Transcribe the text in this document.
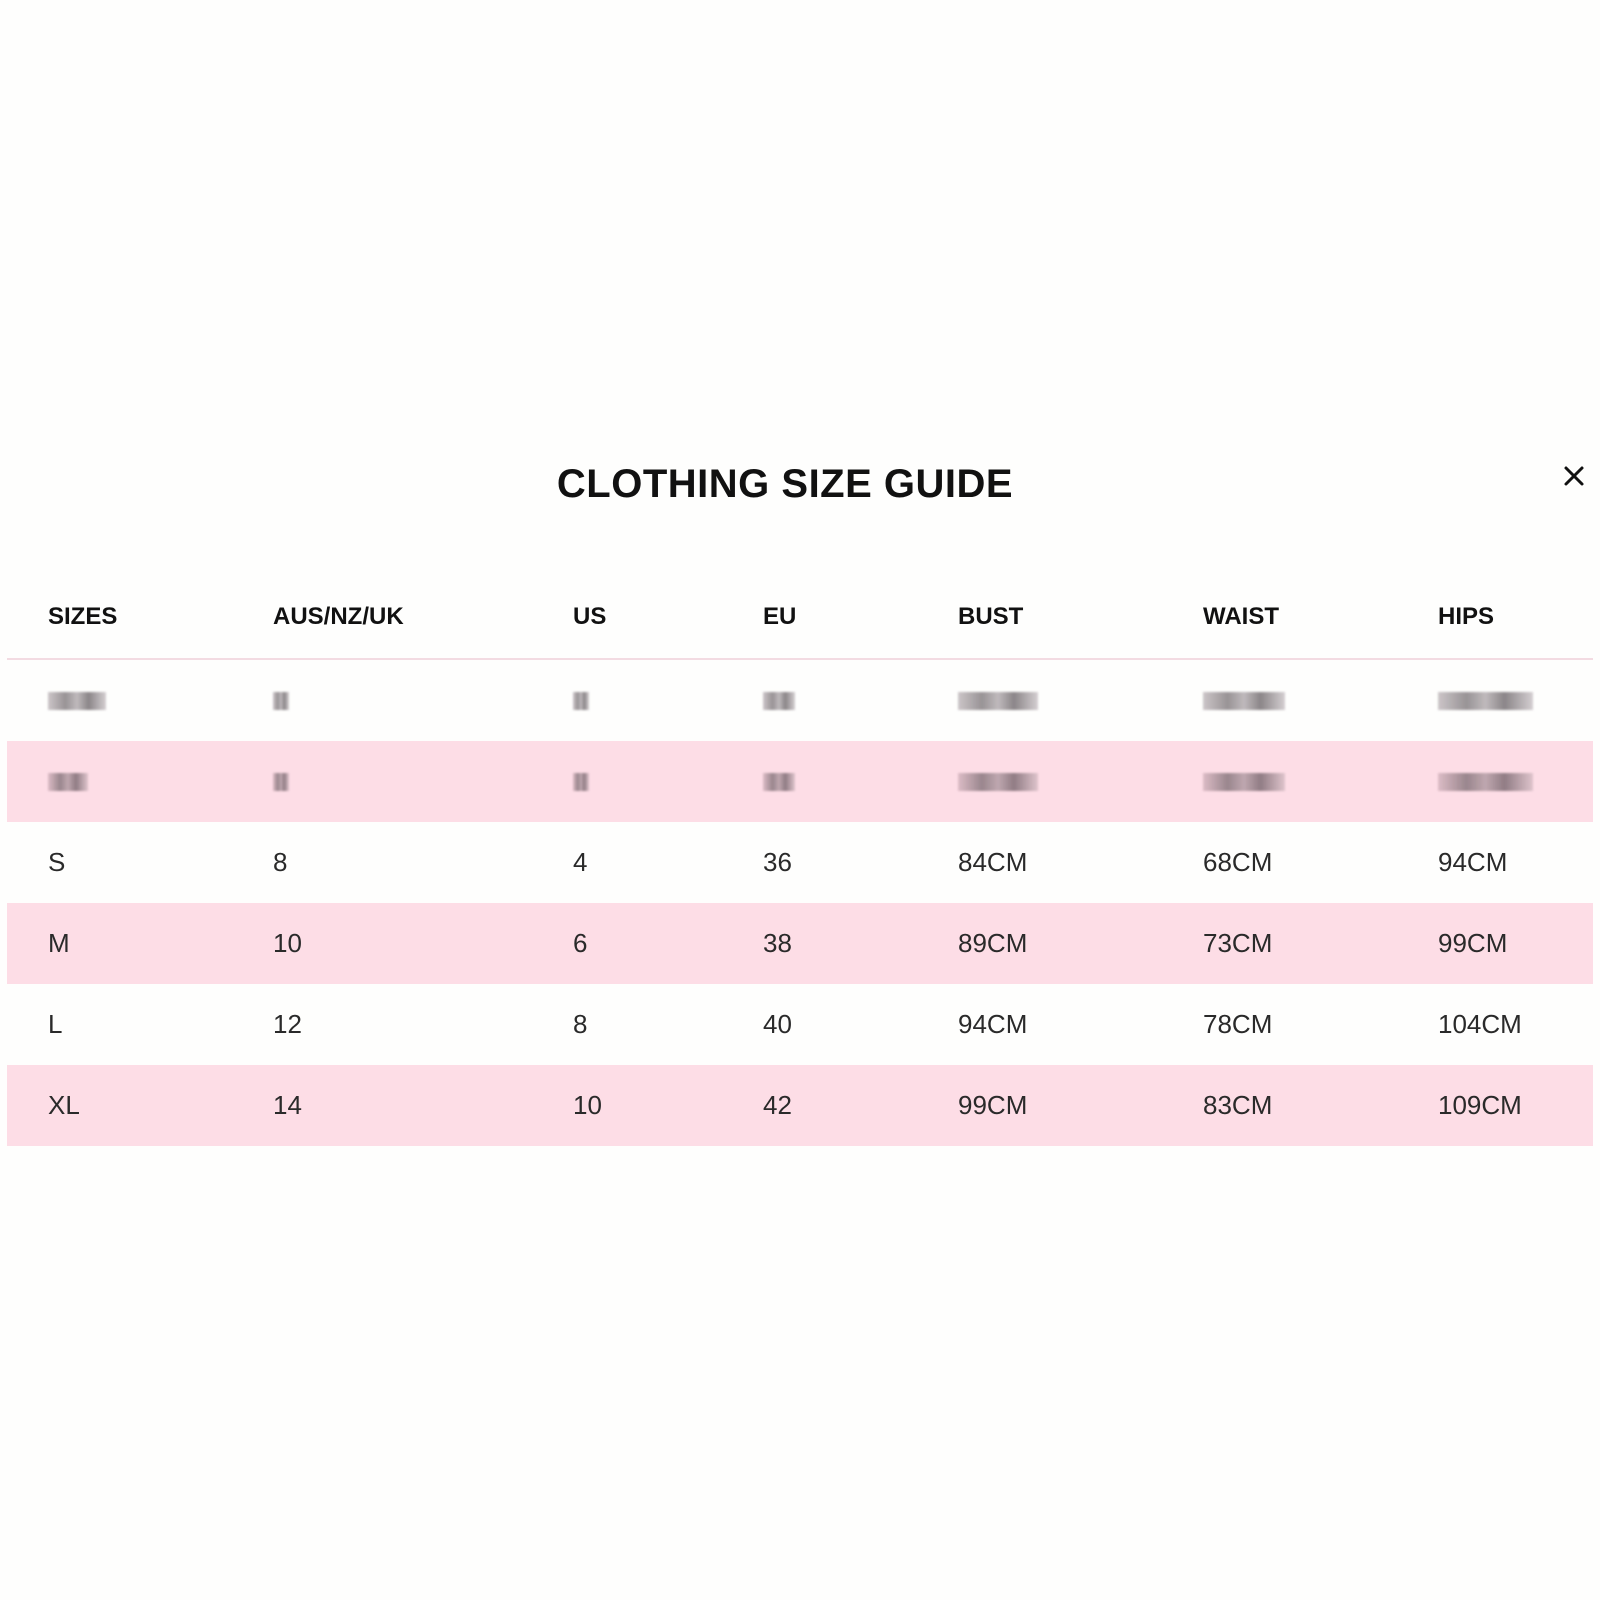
CLOTHING SIZE GUIDE
SIZES	AUS/NZ/UK	US	EU	BUST	WAIST	HIPS
S	8	4	36	84CM	68CM	94CM
M	10	6	38	89CM	73CM	99CM
L	12	8	40	94CM	78CM	104CM
XL	14	10	42	99CM	83CM	109CM
